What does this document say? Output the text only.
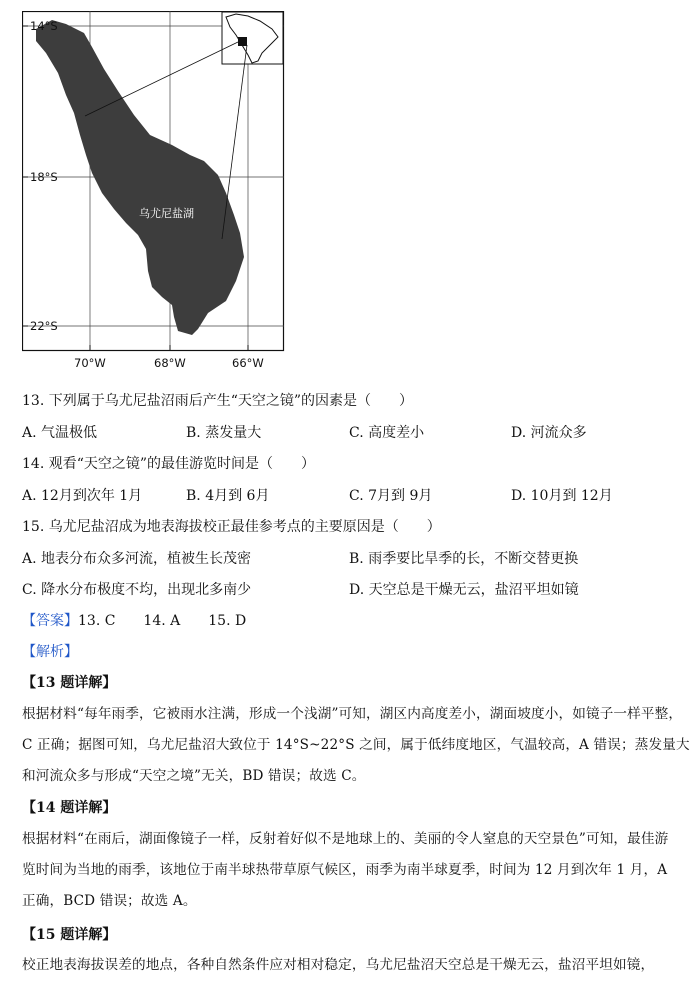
乌尤尼盐湖
14°S
18°S
22°S
70°W	68°W	66°W
13. 下列属于乌尤尼盐沼雨后产生“天空之镜”的因素是（　　）
A. 气温极低	B. 蒸发量大	C. 高度差小	D. 河流众多
14. 观看“天空之镜”的最佳游览时间是（　　）
A. 12月到次年 1月	B. 4月到 6月	C. 7月到 9月	D. 10月到 12月
15. 乌尤尼盐沼成为地表海拔校正最佳参考点的主要原因是（　　）
A. 地表分布众多河流，植被生长茂密	B. 雨季要比旱季的长，不断交替更换
C. 降水分布极度不均，出现北多南少	D. 天空总是干燥无云，盐沼平坦如镜
【答案】13. C　　14. A　　15. D
【解析】
【13 题详解】
根据材料“每年雨季，它被雨水注满，形成一个浅湖”可知，湖区内高度差小，湖面坡度小，如镜子一样平整，
C 正确；据图可知，乌尤尼盐沼大致位于 14°S~22°S 之间，属于低纬度地区，气温较高，A 错误；蒸发量大
和河流众多与形成“天空之境”无关，BD 错误；故选 C。
【14 题详解】
根据材料“在雨后，湖面像镜子一样，反射着好似不是地球上的、美丽的令人窒息的天空景色”可知，最佳游
览时间为当地的雨季，该地位于南半球热带草原气候区，雨季为南半球夏季，时间为 12 月到次年 1 月，A
正确，BCD 错误；故选 A。
【15 题详解】
校正地表海拔误差的地点，各种自然条件应对相对稳定，乌尤尼盐沼天空总是干燥无云，盐沼平坦如镜，
